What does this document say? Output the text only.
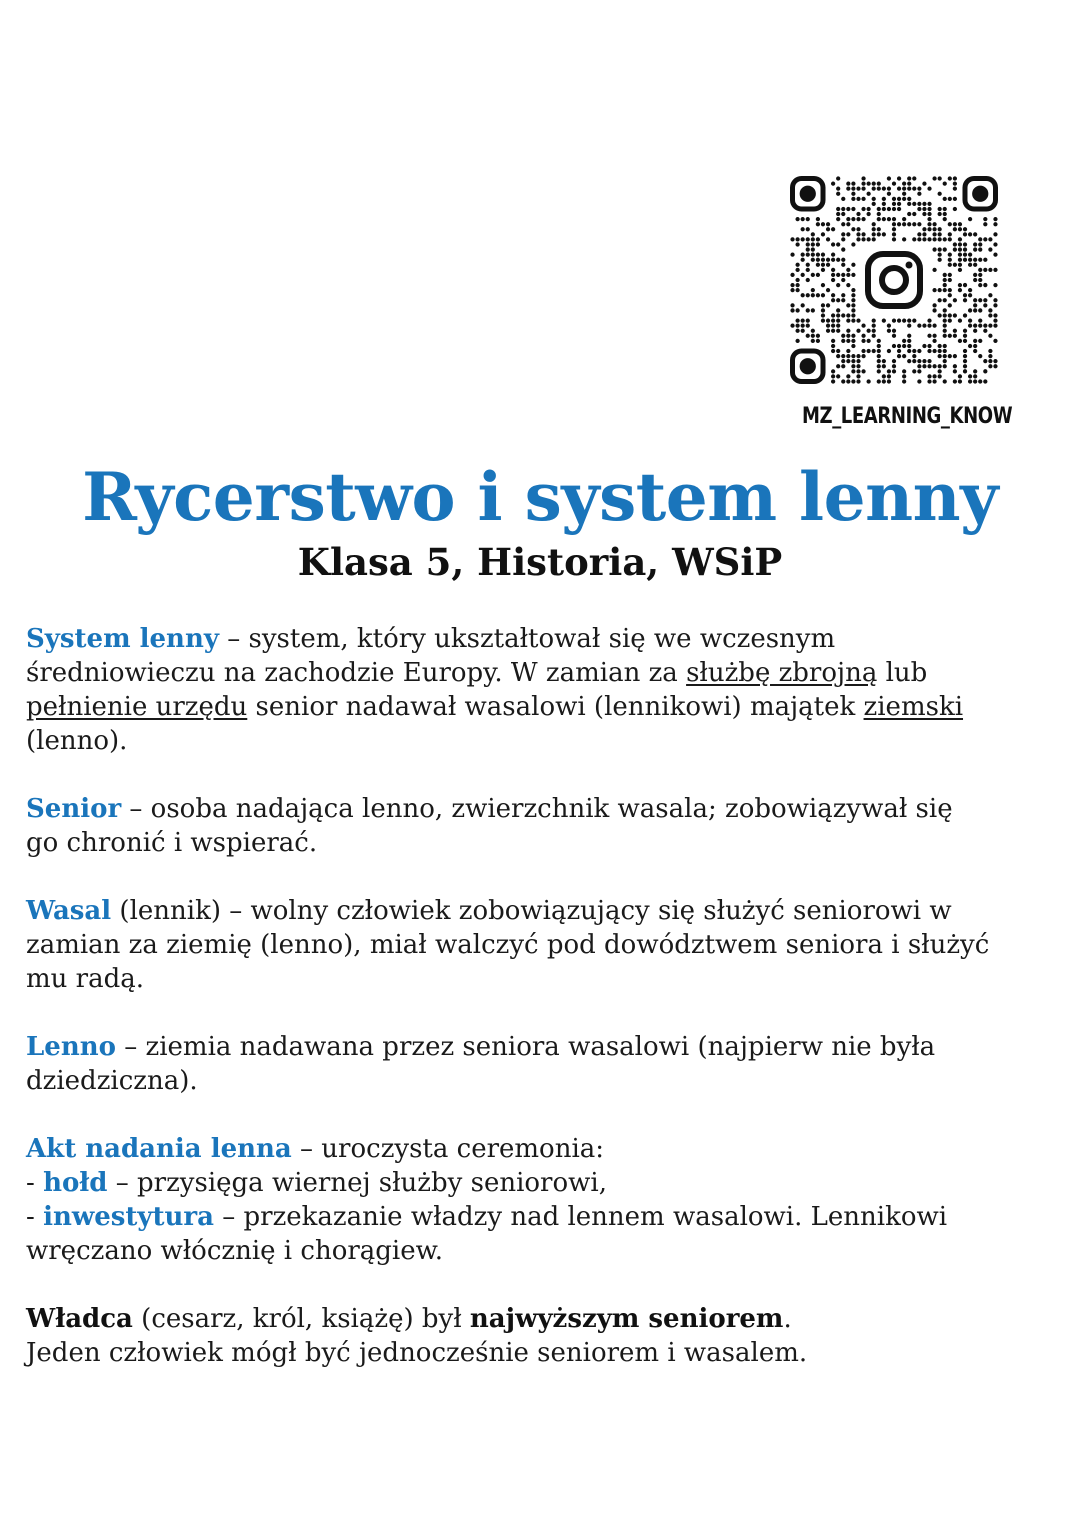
MZ_LEARNING_KNOW
Rycerstwo i system lenny
Klasa 5, Historia, WSiP

System lenny – system, który ukształtował się we wczesnym
średniowieczu na zachodzie Europy. W zamian za służbę zbrojną lub
pełnienie urzędu senior nadawał wasalowi (lennikowi) majątek ziemski
(lenno).

Senior – osoba nadająca lenno, zwierzchnik wasala; zobowiązywał się
go chronić i wspierać.

Wasal (lennik) – wolny człowiek zobowiązujący się służyć seniorowi w
zamian za ziemię (lenno), miał walczyć pod dowództwem seniora i służyć
mu radą.

Lenno – ziemia nadawana przez seniora wasalowi (najpierw nie była
dziedziczna).

Akt nadania lenna – uroczysta ceremonia:
- hołd – przysięga wiernej służby seniorowi,
- inwestytura – przekazanie władzy nad lennem wasalowi. Lennikowi
wręczano włócznię i chorągiew.

Władca (cesarz, król, książę) był najwyższym seniorem.
Jeden człowiek mógł być jednocześnie seniorem i wasalem.
